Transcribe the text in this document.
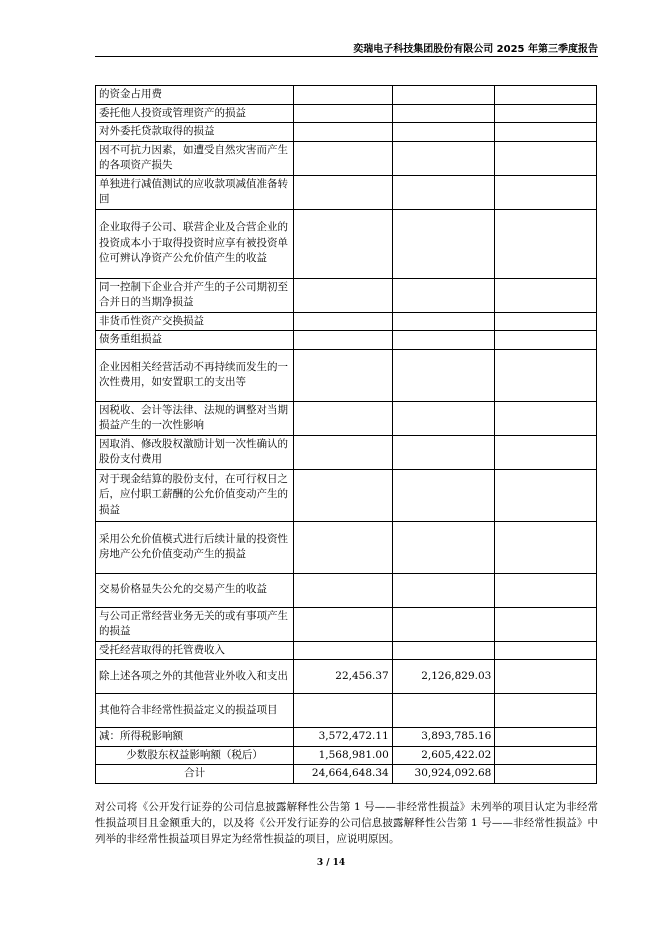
奕瑞电子科技集团股份有限公司 2025 年第三季度报告
的资金占用费			
委托他人投资或管理资产的损益			
对外委托贷款取得的损益			
因不可抗力因素，如遭受自然灾害而产生的各项资产损失			
单独进行减值测试的应收款项减值准备转回			
企业取得子公司、联营企业及合营企业的投资成本小于取得投资时应享有被投资单位可辨认净资产公允价值产生的收益			
同一控制下企业合并产生的子公司期初至合并日的当期净损益			
非货币性资产交换损益			
债务重组损益			
企业因相关经营活动不再持续而发生的一次性费用，如安置职工的支出等			
因税收、会计等法律、法规的调整对当期损益产生的一次性影响			
因取消、修改股权激励计划一次性确认的股份支付费用			
对于现金结算的股份支付，在可行权日之后，应付职工薪酬的公允价值变动产生的损益			
采用公允价值模式进行后续计量的投资性房地产公允价值变动产生的损益			
交易价格显失公允的交易产生的收益			
与公司正常经营业务无关的或有事项产生的损益			
受托经营取得的托管费收入			
除上述各项之外的其他营业外收入和支出	22,456.37	2,126,829.03	
其他符合非经常性损益定义的损益项目			
减：所得税影响额	3,572,472.11	3,893,785.16	
少数股东权益影响额（税后）	1,568,981.00	2,605,422.02	
合计	24,664,648.34	30,924,092.68	
对公司将《公开发行证券的公司信息披露解释性公告第 1 号——非经常性损益》未列举的项目认定为非经常性损益项目且金额重大的，以及将《公开发行证券的公司信息披露解释性公告第 1 号——非经常性损益》中列举的非经常性损益项目界定为经常性损益的项目，应说明原因。
3 / 14
